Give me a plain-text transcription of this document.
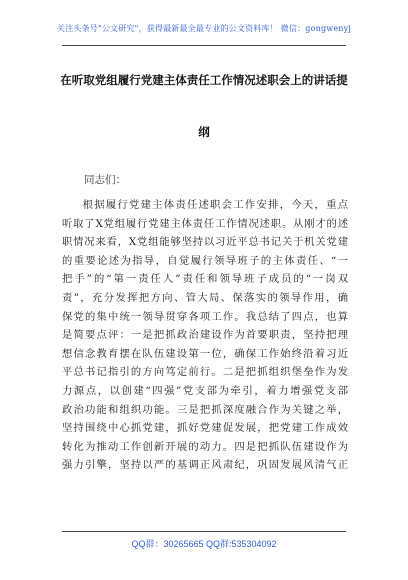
关注头条号"公文研究"，获得最新最全最专业的公文资料库！ 微信：gongwenyj
在听取党组履行党建主体责任工作情况述职会上的讲话提
纲
同志们：
根据履行党建主体责任述职会工作安排，今天，重点
听取了X党组履行党建主体责任工作情况述职。从刚才的述
职情况来看，X党组能够坚持以习近平总书记关于机关党建
的重要论述为指导，自觉履行领导班子的主体责任、“一
把手”的“第一责任人”责任和领导班子成员的“一岗双
责”，充分发挥把方向、管大局、保落实的领导作用，确
保党的集中统一领导贯穿各项工作。我总结了四点，也算
是简要点评：一是把抓政治建设作为首要职责，坚持把理
想信念教育摆在队伍建设第一位，确保工作始终沿着习近
平总书记指引的方向笃定前行。二是把抓组织堡垒作为发
力源点，以创建“四强”党支部为牵引，着力增强党支部
政治功能和组织功能。三是把抓深度融合作为关键之举，
坚持围绕中心抓党建，抓好党建促发展，把党建工作成效
转化为推动工作创新开展的动力。四是把抓队伍建设作为
强力引擎，坚持以严的基调正风肃纪，巩固发展风清气正
QQ群：30265665 QQ群:535304092
